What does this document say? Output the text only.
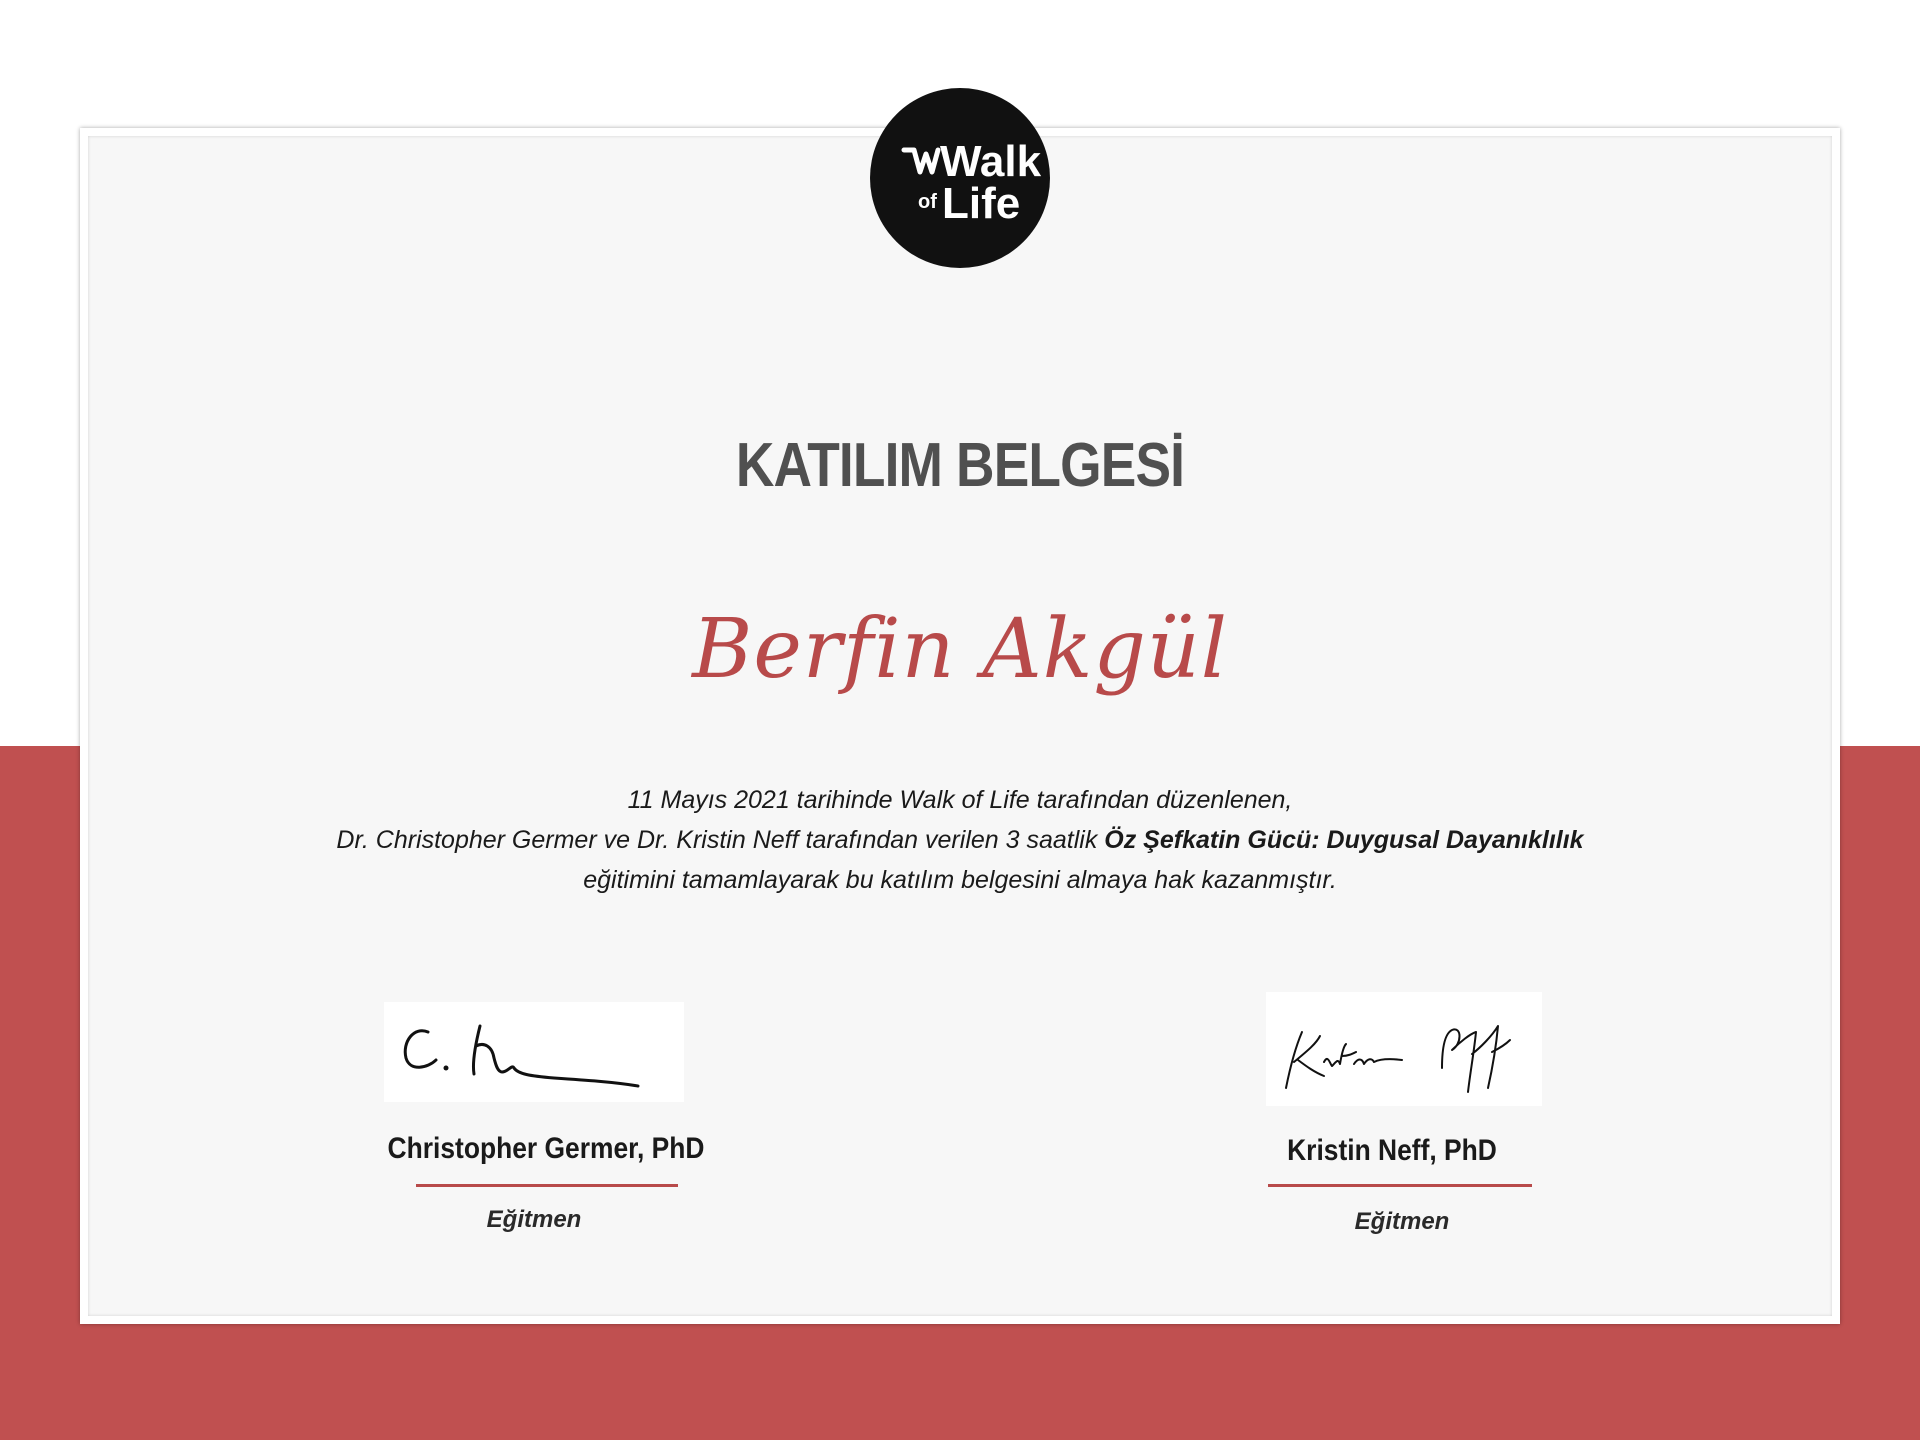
Walk
of Life
KATILIM BELGESİ
Berfin Akgül
11 Mayıs 2021 tarihinde Walk of Life tarafından düzenlenen,
Dr. Christopher Germer ve Dr. Kristin Neff tarafından verilen 3 saatlik Öz Şefkatin Gücü: Duygusal Dayanıklılık
eğitimini tamamlayarak bu katılım belgesini almaya hak kazanmıştır.
Christopher Germer, PhD
Eğitmen
Kristin Neff, PhD
Eğitmen
